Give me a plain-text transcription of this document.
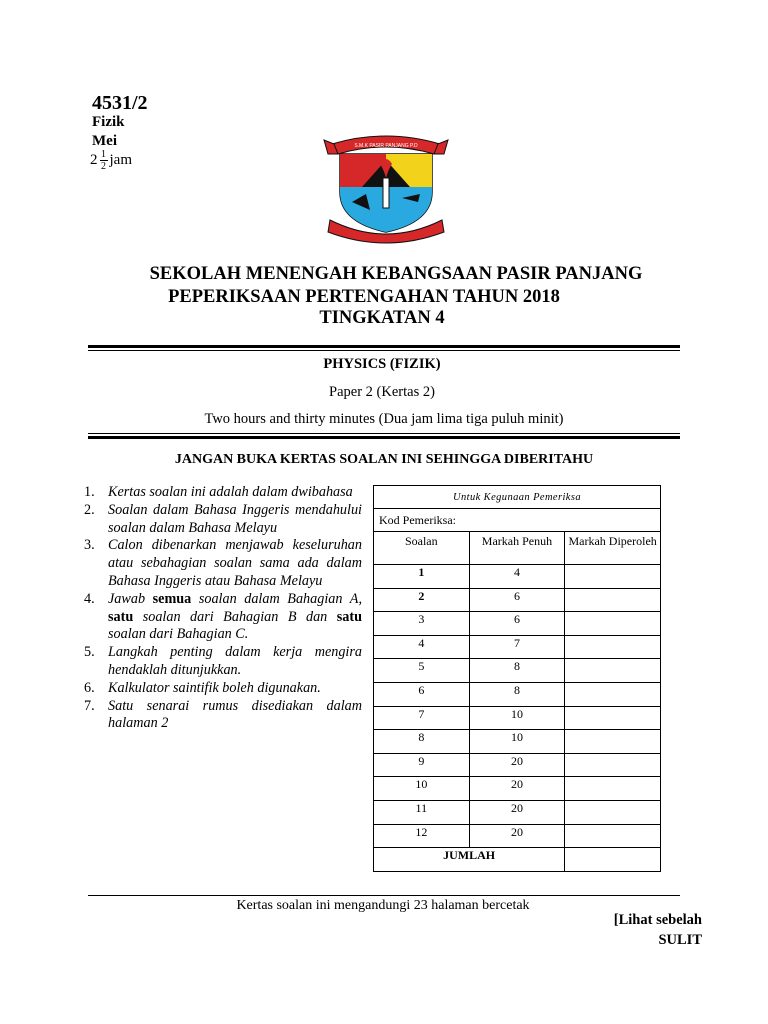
4531/2
Fizik
Mei
$2 \frac{1}{2}$ jam
S.M.K PASIR PANJANG P.D
SEKOLAH MENENGAH KEBANGSAAN PASIR PANJANG
PEPERIKSAAN PERTENGAHAN TAHUN 2018
TINGKATAN 4
PHYSICS (FIZIK)
Paper 2 (Kertas 2)
Two hours and thirty minutes (Dua jam lima tiga puluh minit)
JANGAN BUKA KERTAS SOALAN INI SEHINGGA DIBERITAHU
1. Kertas soalan ini adalah dalam dwibahasa
2. Soalan dalam Bahasa Inggeris mendahului soalan dalam Bahasa Melayu
3. Calon dibenarkan menjawab keseluruhan atau sebahagian soalan sama ada dalam Bahasa Inggeris atau Bahasa Melayu
4. Jawab semua soalan dalam Bahagian A, satu soalan dari Bahagian B dan satu soalan dari Bahagian C.
5. Langkah penting dalam kerja mengira hendaklah ditunjukkan.
6. Kalkulator saintifik boleh digunakan.
7. Satu senarai rumus disediakan dalam halaman 2
Untuk Kegunaan Pemeriksa		
Kod Pemeriksa:		
Soalan	Markah Penuh	Markah Diperoleh
1	4	
2	6	
3	6	
4	7	
5	8	
6	8	
7	10	
8	10	
9	20	
10	20	
11	20	
12	20	
JUMLAH		
Kertas soalan ini mengandungi 23 halaman bercetak
[Lihat sebelah
SULIT
